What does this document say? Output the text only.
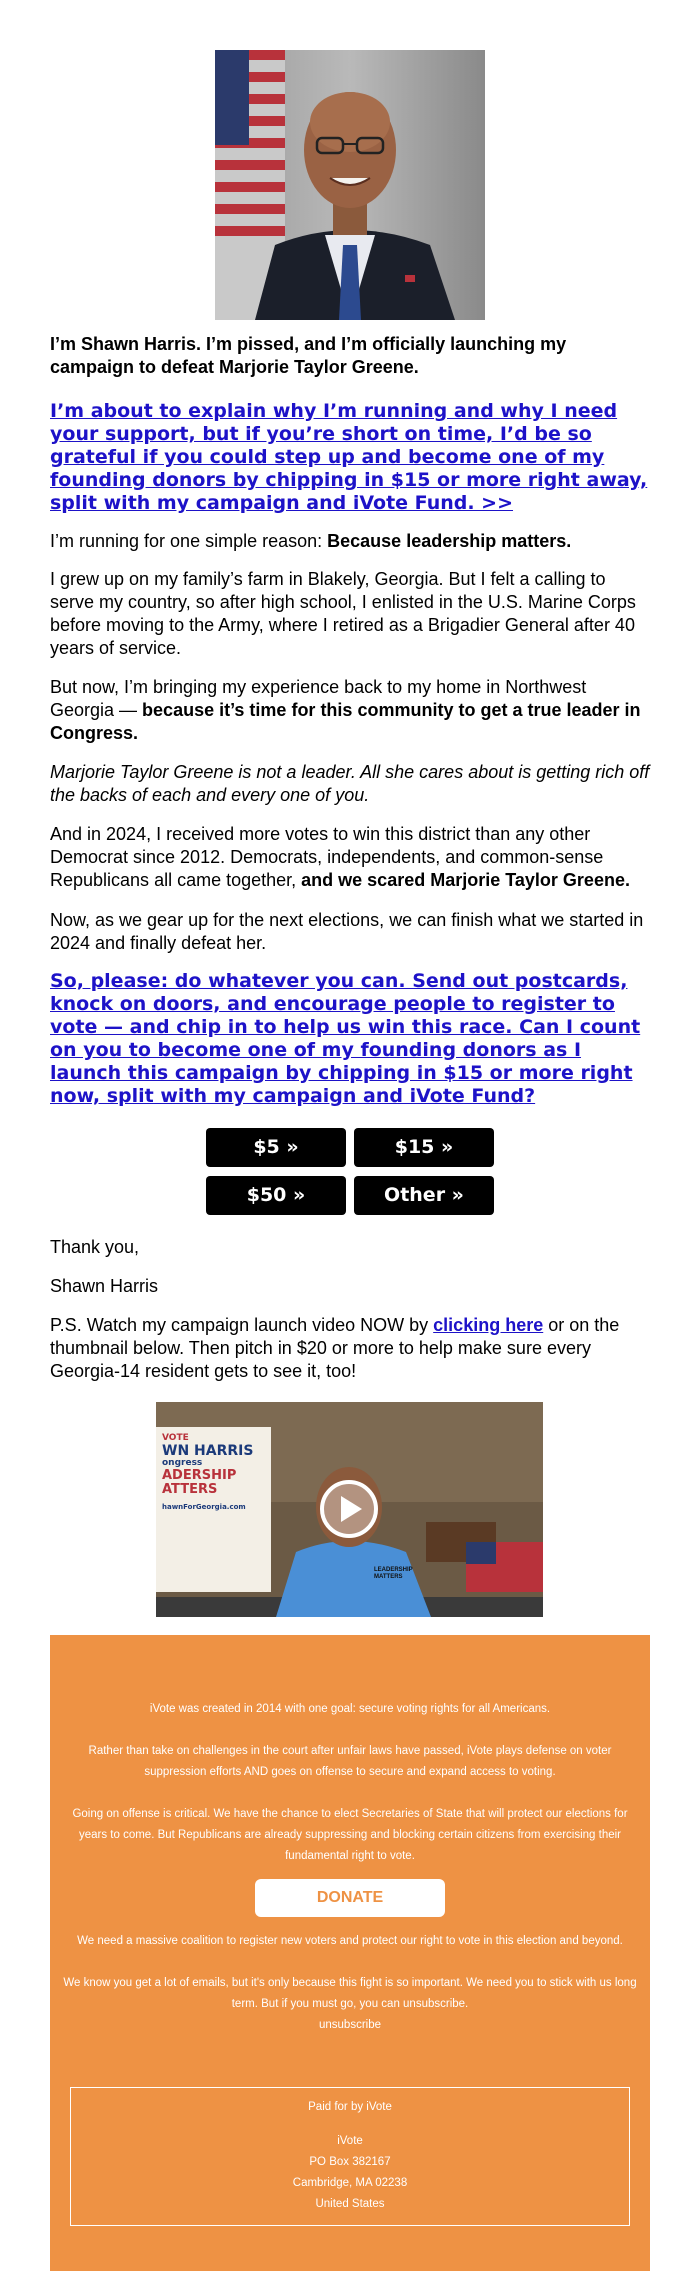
I’m Shawn Harris. I’m pissed, and I’m officially launching my campaign to defeat Marjorie Taylor Greene.

I’m about to explain why I’m running and why I need your support, but if you’re short on time, I’d be so grateful if you could step up and become one of my founding donors by chipping in $15 or more right away, split with my campaign and iVote Fund. >>

I’m running for one simple reason: Because leadership matters.

I grew up on my family’s farm in Blakely, Georgia. But I felt a calling to serve my country, so after high school, I enlisted in the U.S. Marine Corps before moving to the Army, where I retired as a Brigadier General after 40 years of service.

But now, I’m bringing my experience back to my home in Northwest Georgia — because it’s time for this community to get a true leader in Congress.

Marjorie Taylor Greene is not a leader. All she cares about is getting rich off the backs of each and every one of you.

And in 2024, I received more votes to win this district than any other Democrat since 2012. Democrats, independents, and common-sense Republicans all came together, and we scared Marjorie Taylor Greene.

Now, as we gear up for the next elections, we can finish what we started in 2024 and finally defeat her.

So, please: do whatever you can. Send out postcards, knock on doors, and encourage people to register to vote — and chip in to help us win this race. Can I count on you to become one of my founding donors as I launch this campaign by chipping in $15 or more right now, split with my campaign and iVote Fund?

$5 »	$15 »
$50 »	Other »

Thank you,

Shawn Harris

P.S. Watch my campaign launch video NOW by clicking here or on the thumbnail below. Then pitch in $20 or more to help make sure every Georgia-14 resident gets to see it, too!

VOTE
WN HARRIS
ongress
ADERSHIP
ATTERS
hawnForGeorgia.com
LEADERSHIP MATTERS

iVote was created in 2014 with one goal: secure voting rights for all Americans.

Rather than take on challenges in the court after unfair laws have passed, iVote plays defense on voter suppression efforts AND goes on offense to secure and expand access to voting.

Going on offense is critical. We have the chance to elect Secretaries of State that will protect our elections for years to come. But Republicans are already suppressing and blocking certain citizens from exercising their fundamental right to vote.

DONATE

We need a massive coalition to register new voters and protect our right to vote in this election and beyond.

We know you get a lot of emails, but it's only because this fight is so important. We need you to stick with us long term. But if you must go, you can unsubscribe.

unsubscribe

Paid for by iVote

iVote

PO Box 382167

Cambridge, MA 02238

United States
